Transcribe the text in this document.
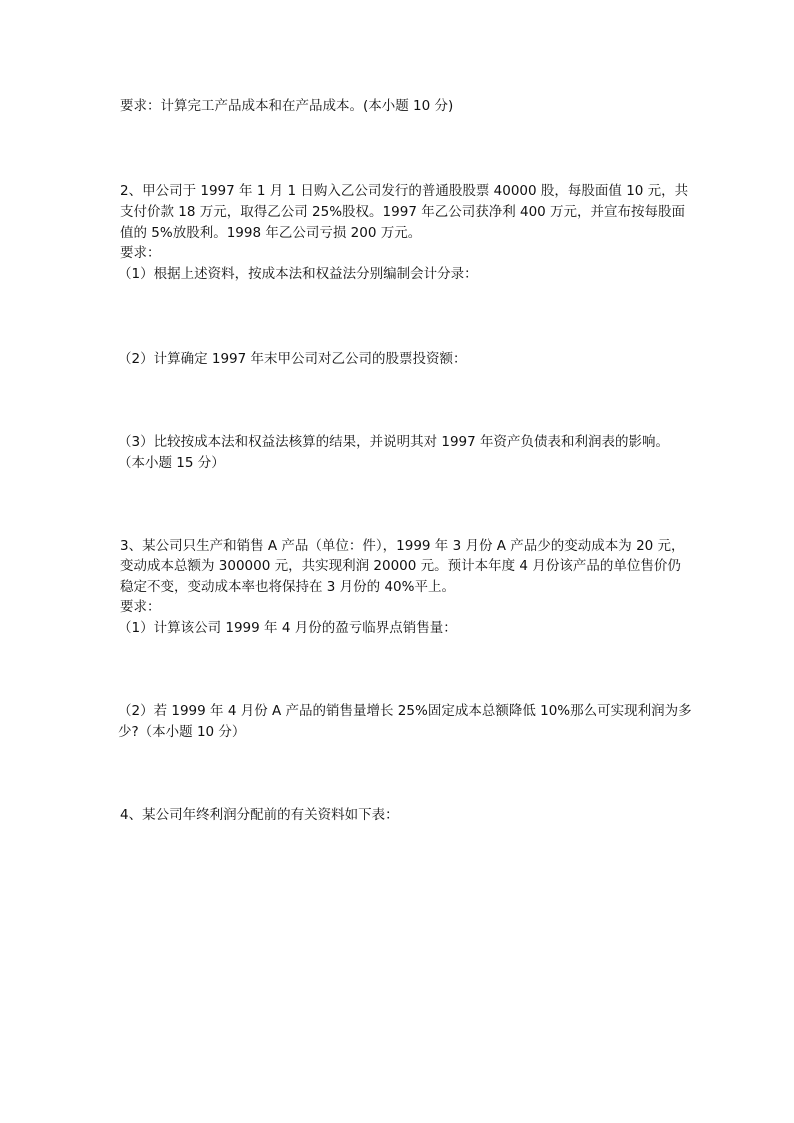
要求：计算完工产品成本和在产品成本。(本小题 10 分)
2、甲公司于 1997 年 1 月 1 日购入乙公司发行的普通股股票 40000 股，每股面值 10 元，共
支付价款 18 万元，取得乙公司 25%股权。1997 年乙公司获净利 400 万元，并宣布按每股面
值的 5%放股利。1998 年乙公司亏损 200 万元。
要求：
（1）根据上述资料，按成本法和权益法分别编制会计分录：
（2）计算确定 1997 年末甲公司对乙公司的股票投资额：
（3）比较按成本法和权益法核算的结果，并说明其对 1997 年资产负债表和利润表的影响。
（本小题 15 分）
3、某公司只生产和销售 A 产品（单位：件），1999 年 3 月份 A 产品少的变动成本为 20 元，
变动成本总额为 300000 元，共实现利润 20000 元。预计本年度 4 月份该产品的单位售价仍
稳定不变，变动成本率也将保持在 3 月份的 40%平上。
要求：
（1）计算该公司 1999 年 4 月份的盈亏临界点销售量：
（2）若 1999 年 4 月份 A 产品的销售量增长 25%固定成本总额降低 10%那么可实现利润为多
少?（本小题 10 分）
4、某公司年终利润分配前的有关资料如下表：
